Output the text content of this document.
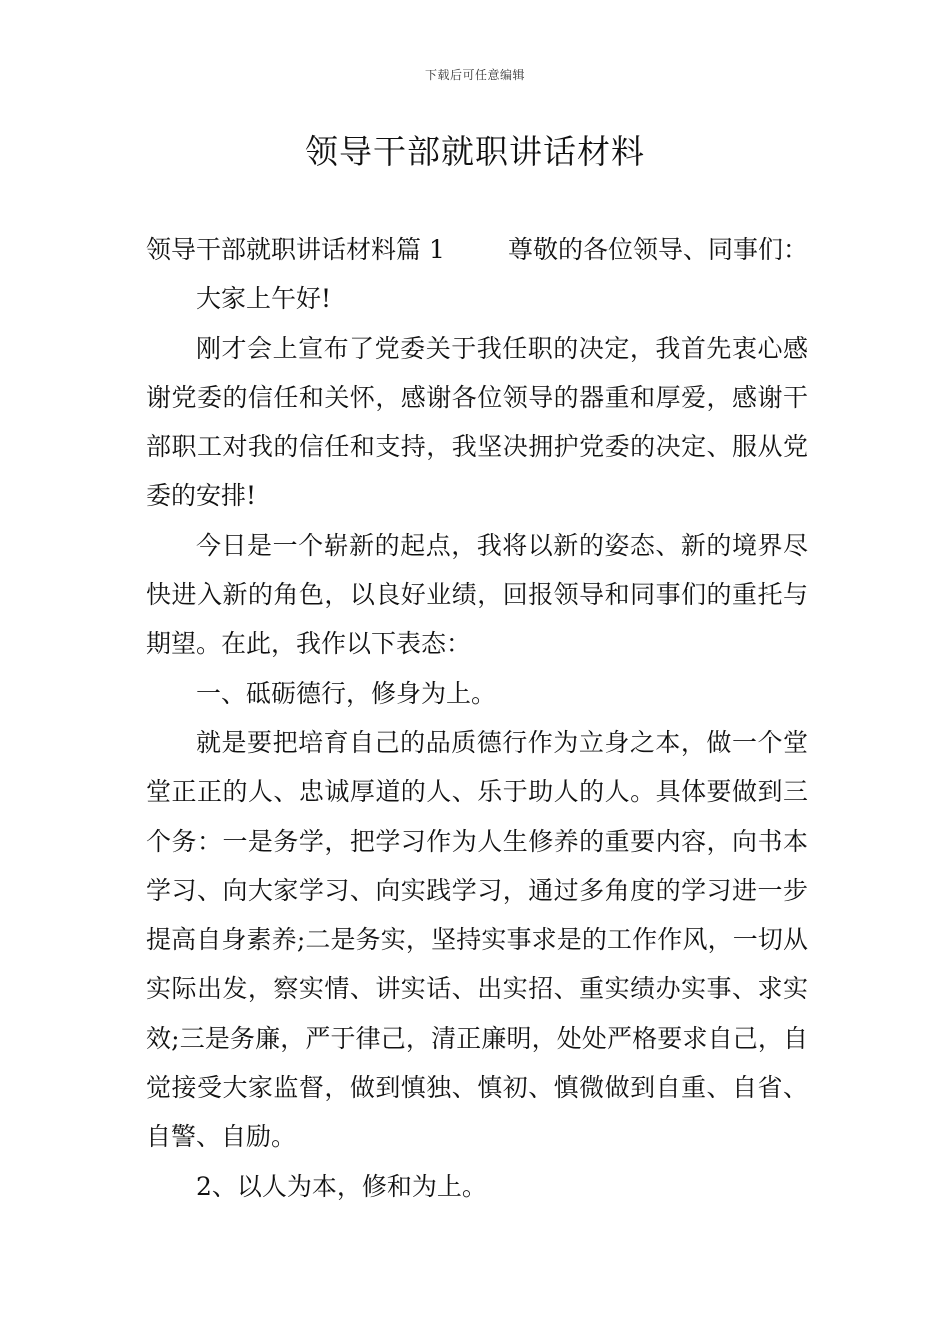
下载后可任意编辑
领导干部就职讲话材料
领导干部就职讲话材料篇 1	尊敬的各位领导、同事们：

大家上午好!

刚才会上宣布了党委关于我任职的决定，我首先衷心感谢党委的信任和关怀，感谢各位领导的器重和厚爱，感谢干部职工对我的信任和支持，我坚决拥护党委的决定、服从党委的安排!

今日是一个崭新的起点，我将以新的姿态、新的境界尽快进入新的角色，以良好业绩，回报领导和同事们的重托与期望。在此，我作以下表态：

一、砥砺德行，修身为上。

就是要把培育自己的品质德行作为立身之本，做一个堂堂正正的人、忠诚厚道的人、乐于助人的人。具体要做到三个务：一是务学，把学习作为人生修养的重要内容，向书本学习、向大家学习、向实践学习，通过多角度的学习进一步提高自身素养;二是务实，坚持实事求是的工作作风，一切从实际出发，察实情、讲实话、出实招、重实绩办实事、求实效;三是务廉，严于律己，清正廉明，处处严格要求自己，自觉接受大家监督，做到慎独、慎初、慎微做到自重、自省、自警、自励。

2、以人为本，修和为上。
